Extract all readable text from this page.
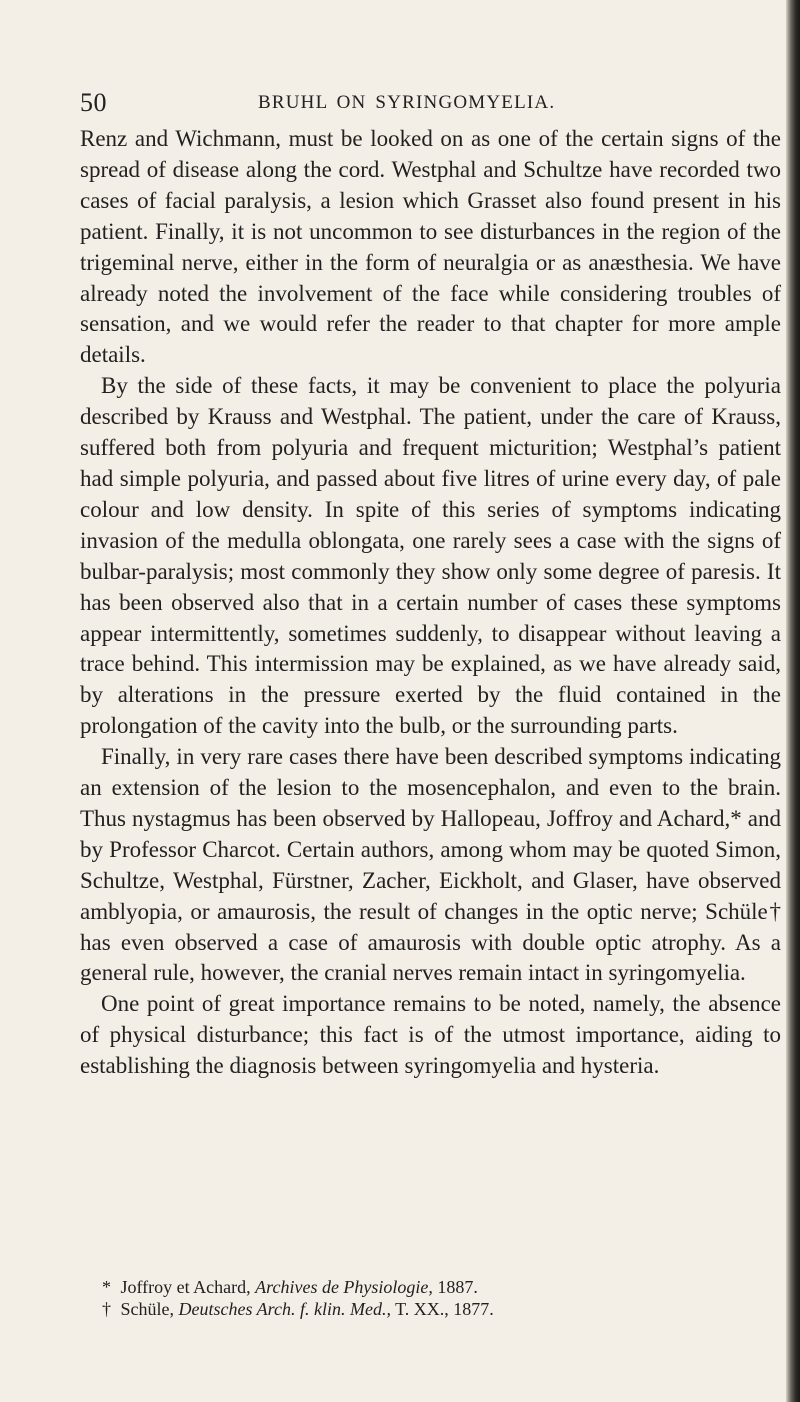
50	BRUHL ON SYRINGOMYELIA.

Renz and Wichmann, must be looked on as one of the certain signs of the spread of disease along the cord. Westphal and Schultze have recorded two cases of facial paralysis, a lesion which Grasset also found present in his patient. Finally, it is not uncommon to see disturbances in the region of the trigeminal nerve, either in the form of neuralgia or as anæsthesia. We have already noted the involvement of the face while considering troubles of sensation, and we would refer the reader to that chapter for more ample details.

By the side of these facts, it may be convenient to place the polyuria described by Krauss and Westphal. The patient, under the care of Krauss, suffered both from polyuria and frequent micturition; Westphal’s patient had simple polyuria, and passed about five litres of urine every day, of pale colour and low density. In spite of this series of symptoms indicating invasion of the medulla oblongata, one rarely sees a case with the signs of bulbar-paralysis; most commonly they show only some degree of paresis. It has been observed also that in a certain number of cases these symptoms appear intermittently, sometimes suddenly, to disappear without leaving a trace behind. This intermission may be explained, as we have already said, by alterations in the pressure exerted by the fluid contained in the prolongation of the cavity into the bulb, or the surrounding parts.

Finally, in very rare cases there have been described symptoms indicating an extension of the lesion to the mosencephalon, and even to the brain. Thus nystagmus has been observed by Hallopeau, Joffroy and Achard,* and by Professor Charcot. Certain authors, among whom may be quoted Simon, Schultze, Westphal, Fürstner, Zacher, Eickholt, and Glaser, have observed amblyopia, or amaurosis, the result of changes in the optic nerve; Schüle† has even observed a case of amaurosis with double optic atrophy. As a general rule, however, the cranial nerves remain intact in syringomyelia.

One point of great importance remains to be noted, namely, the absence of physical disturbance; this fact is of the utmost importance, aiding to establishing the diagnosis between syringomyelia and hysteria.

* Joffroy et Achard, Archives de Physiologie, 1887.
† Schüle, Deutsches Arch. f. klin. Med., T. XX., 1877.
